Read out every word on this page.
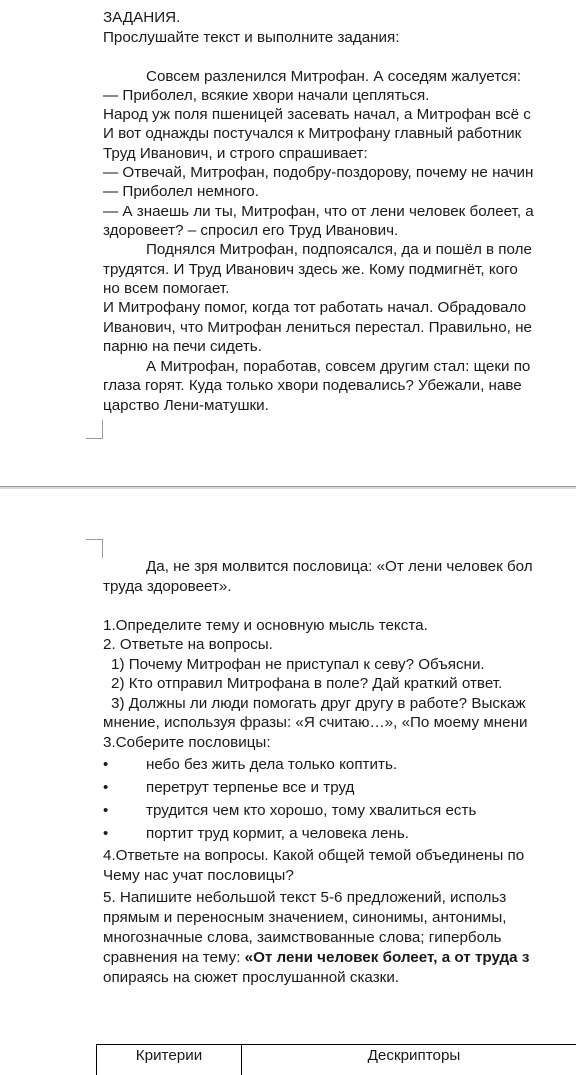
ЗАДАНИЯ.
Прослушайте текст и выполните задания:
Совсем разленился Митрофан. А соседям жалуется:
— Приболел, всякие хвори начали цепляться.
Народ уж поля пшеницей засевать начал, а Митрофан всё с
И вот однажды постучался к Митрофану главный работник
Труд Иванович, и строго спрашивает:
— Отвечай, Митрофан, подобру-поздорову, почему не начин
— Приболел немного.
— А знаешь ли ты, Митрофан, что от лени человек болеет, а
здоровеет? – спросил его Труд Иванович.
Поднялся Митрофан, подпоясался, да и пошёл в поле
трудятся. И Труд Иванович здесь же. Кому подмигнёт, кого
но всем помогает.
И Митрофану помог, когда тот работать начал. Обрадовало
Иванович, что Митрофан лениться перестал. Правильно, не
парню на печи сидеть.
А Митрофан, поработав, совсем другим стал: щеки по
глаза горят. Куда только хвори подевались? Убежали, наве
царство Лени-матушки.
Да, не зря молвится пословица: «От лени человек бол
труда здоровеет».
1.Определите тему и основную мысль текста.
2. Ответьте на вопросы.
1) Почему Митрофан не приступал к севу? Объясни.
2) Кто отправил Митрофана в поле? Дай краткий ответ.
3) Должны ли люди помогать друг другу в работе? Выскаж
мнение, используя фразы: «Я считаю…», «По моему мнени
3.Соберите пословицы:
• небо без жить дела только коптить.
• перетрут терпенье все и труд
• трудится чем кто хорошо, тому хвалиться есть
• портит труд кормит, а человека лень.
4.Ответьте на вопросы. Какой общей темой объединены по
Чему нас учат пословицы?
5. Напишите небольшой текст 5-6 предложений, использ
прямым и переносным значением, синонимы, антонимы,
многозначные слова, заимствованные слова; гиперболь
сравнения на тему: «От лени человек болеет, а от труда з
опираясь на сюжет прослушанной сказки.
Критерии	Дескрипторы
